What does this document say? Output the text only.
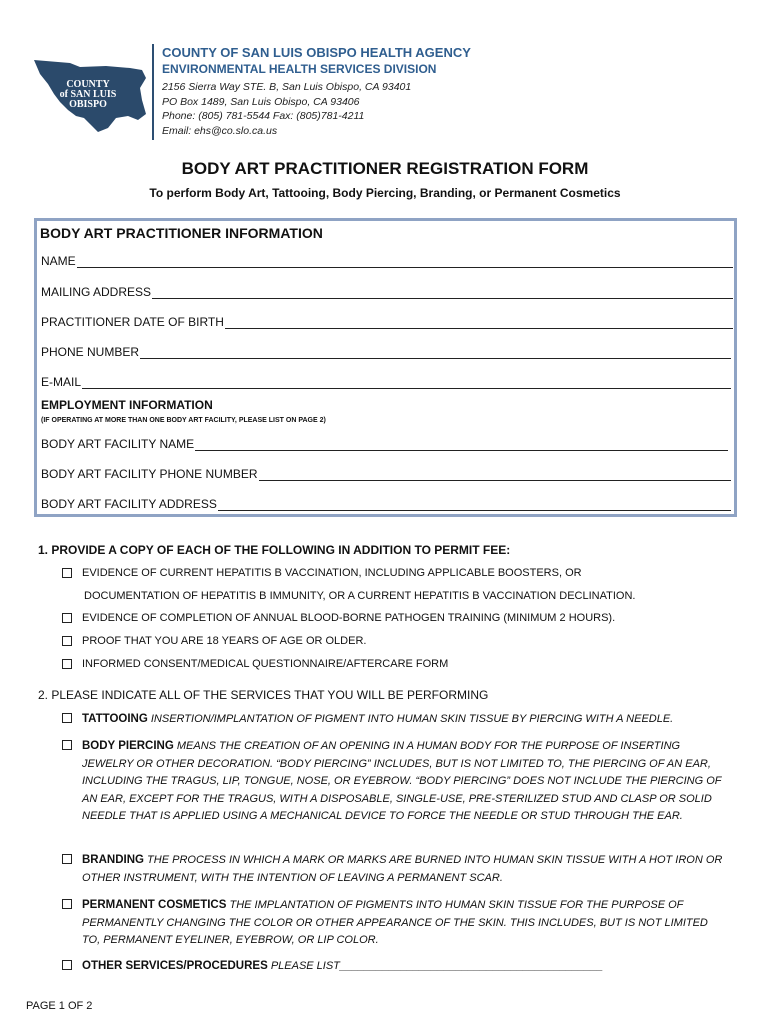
COUNTY
of SAN LUIS
OBISPO
COUNTY OF SAN LUIS OBISPO HEALTH AGENCY
ENVIRONMENTAL HEALTH SERVICES DIVISION
2156 Sierra Way STE. B, San Luis Obispo, CA 93401
PO Box 1489, San Luis Obispo, CA 93406
Phone: (805) 781-5544 Fax: (805)781-4211
Email: ehs@co.slo.ca.us
BODY ART PRACTITIONER REGISTRATION FORM
To perform Body Art, Tattooing, Body Piercing, Branding, or Permanent Cosmetics
BODY ART PRACTITIONER INFORMATION
NAME
MAILING ADDRESS
PRACTITIONER DATE OF BIRTH
PHONE NUMBER
E-MAIL
EMPLOYMENT INFORMATION
(IF OPERATING AT MORE THAN ONE BODY ART FACILITY, PLEASE LIST ON PAGE 2)
BODY ART FACILITY NAME
BODY ART FACILITY PHONE NUMBER
BODY ART FACILITY ADDRESS
1. PROVIDE A COPY OF EACH OF THE FOLLOWING IN ADDITION TO PERMIT FEE:
EVIDENCE OF CURRENT HEPATITIS B VACCINATION, INCLUDING APPLICABLE BOOSTERS, OR
DOCUMENTATION OF HEPATITIS B IMMUNITY, OR A CURRENT HEPATITIS B VACCINATION DECLINATION.
EVIDENCE OF COMPLETION OF ANNUAL BLOOD-BORNE PATHOGEN TRAINING (MINIMUM 2 HOURS).
PROOF THAT YOU ARE 18 YEARS OF AGE OR OLDER.
INFORMED CONSENT/MEDICAL QUESTIONNAIRE/AFTERCARE FORM
2. PLEASE INDICATE ALL OF THE SERVICES THAT YOU WILL BE PERFORMING
TATTOOING INSERTION/IMPLANTATION OF PIGMENT INTO HUMAN SKIN TISSUE BY PIERCING WITH A NEEDLE.
BODY PIERCING MEANS THE CREATION OF AN OPENING IN A HUMAN BODY FOR THE PURPOSE OF INSERTING JEWELRY OR OTHER DECORATION. “BODY PIERCING” INCLUDES, BUT IS NOT LIMITED TO, THE PIERCING OF AN EAR, INCLUDING THE TRAGUS, LIP, TONGUE, NOSE, OR EYEBROW. “BODY PIERCING” DOES NOT INCLUDE THE PIERCING OF AN EAR, EXCEPT FOR THE TRAGUS, WITH A DISPOSABLE, SINGLE-USE, PRE-STERILIZED STUD AND CLASP OR SOLID NEEDLE THAT IS APPLIED USING A MECHANICAL DEVICE TO FORCE THE NEEDLE OR STUD THROUGH THE EAR.
BRANDING THE PROCESS IN WHICH A MARK OR MARKS ARE BURNED INTO HUMAN SKIN TISSUE WITH A HOT IRON OR OTHER INSTRUMENT, WITH THE INTENTION OF LEAVING A PERMANENT SCAR.
PERMANENT COSMETICS THE IMPLANTATION OF PIGMENTS INTO HUMAN SKIN TISSUE FOR THE PURPOSE OF PERMANENTLY CHANGING THE COLOR OR OTHER APPEARANCE OF THE SKIN. THIS INCLUDES, BUT IS NOT LIMITED TO, PERMANENT EYELINER, EYEBROW, OR LIP COLOR.
OTHER SERVICES/PROCEDURES PLEASE LIST___________________________________________
PAGE 1 OF 2
